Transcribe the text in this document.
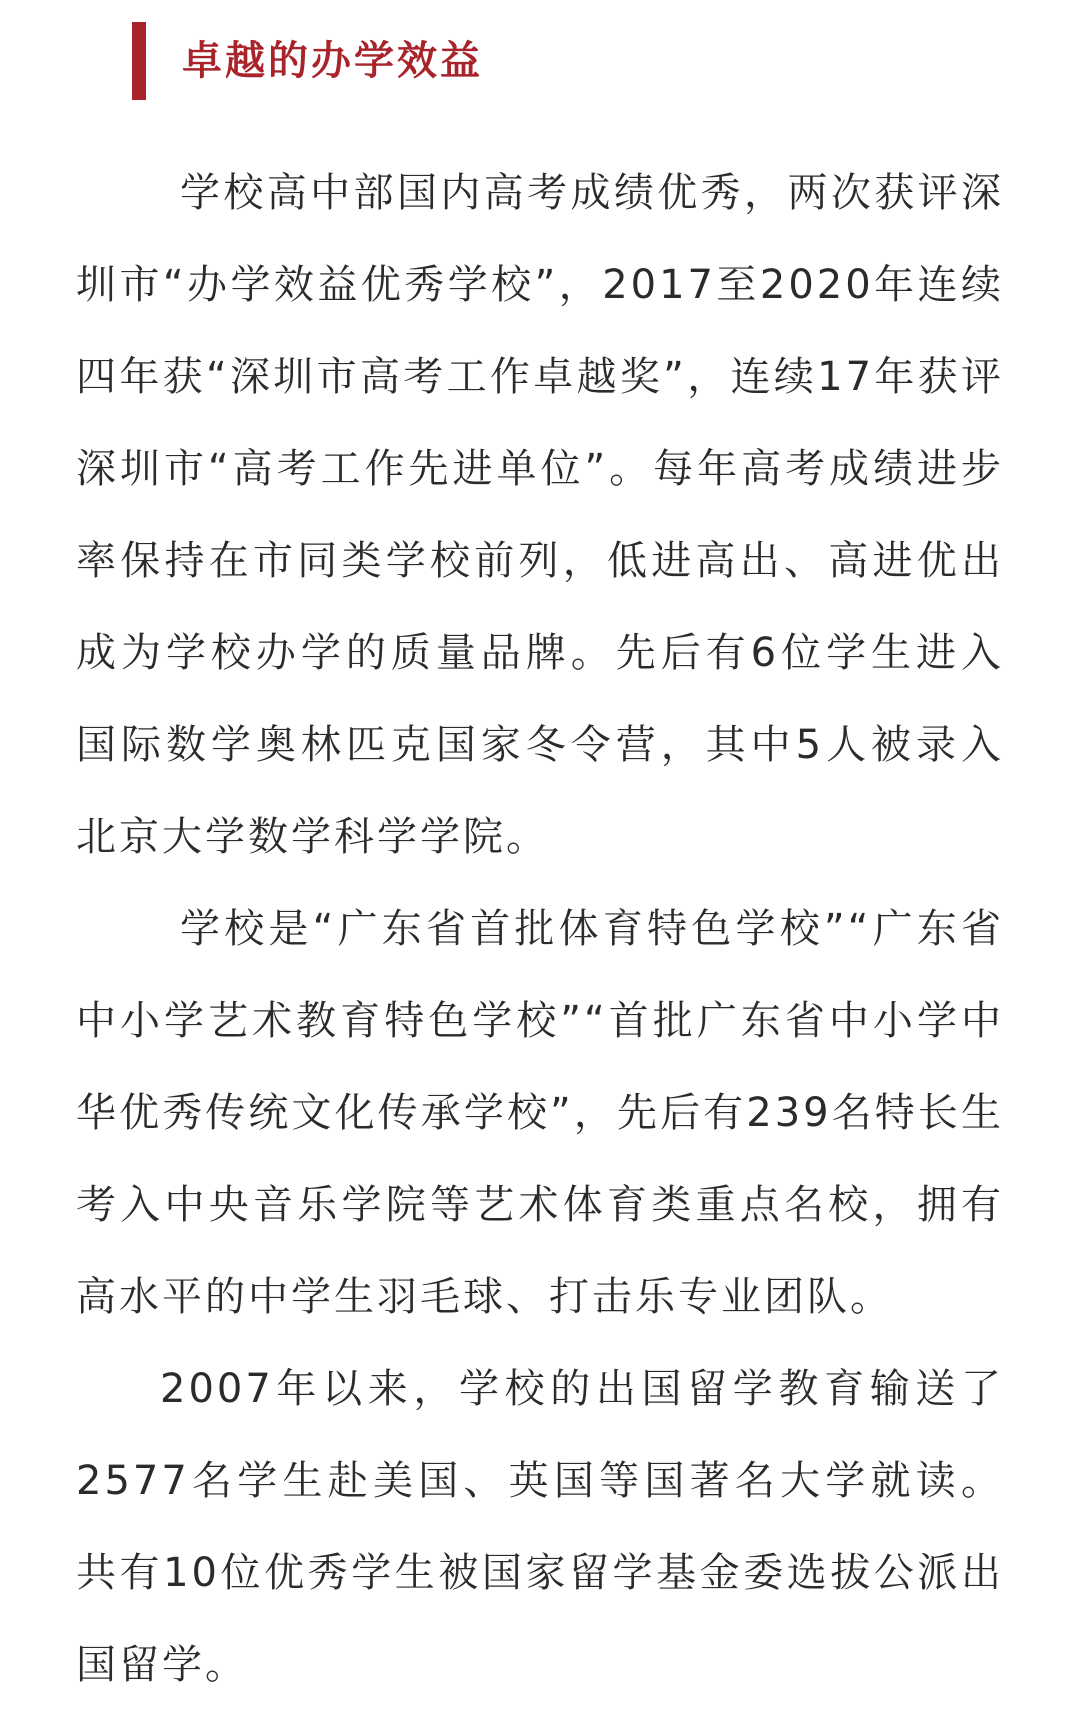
卓越的办学效益

学校高中部国内高考成绩优秀，两次获评深圳市“办学效益优秀学校”，2017至2020年连续四年获“深圳市高考工作卓越奖”，连续17年获评深圳市“高考工作先进单位”。每年高考成绩进步率保持在市同类学校前列，低进高出、高进优出成为学校办学的质量品牌。先后有6位学生进入国际数学奥林匹克国家冬令营，其中5人被录入北京大学数学科学学院。

学校是“广东省首批体育特色学校”“广东省中小学艺术教育特色学校”“首批广东省中小学中华优秀传统文化传承学校”，先后有239名特长生考入中央音乐学院等艺术体育类重点名校，拥有高水平的中学生羽毛球、打击乐专业团队。

2007年以来，学校的出国留学教育输送了2577名学生赴美国、英国等国著名大学就读。共有10位优秀学生被国家留学基金委选拔公派出国留学。
